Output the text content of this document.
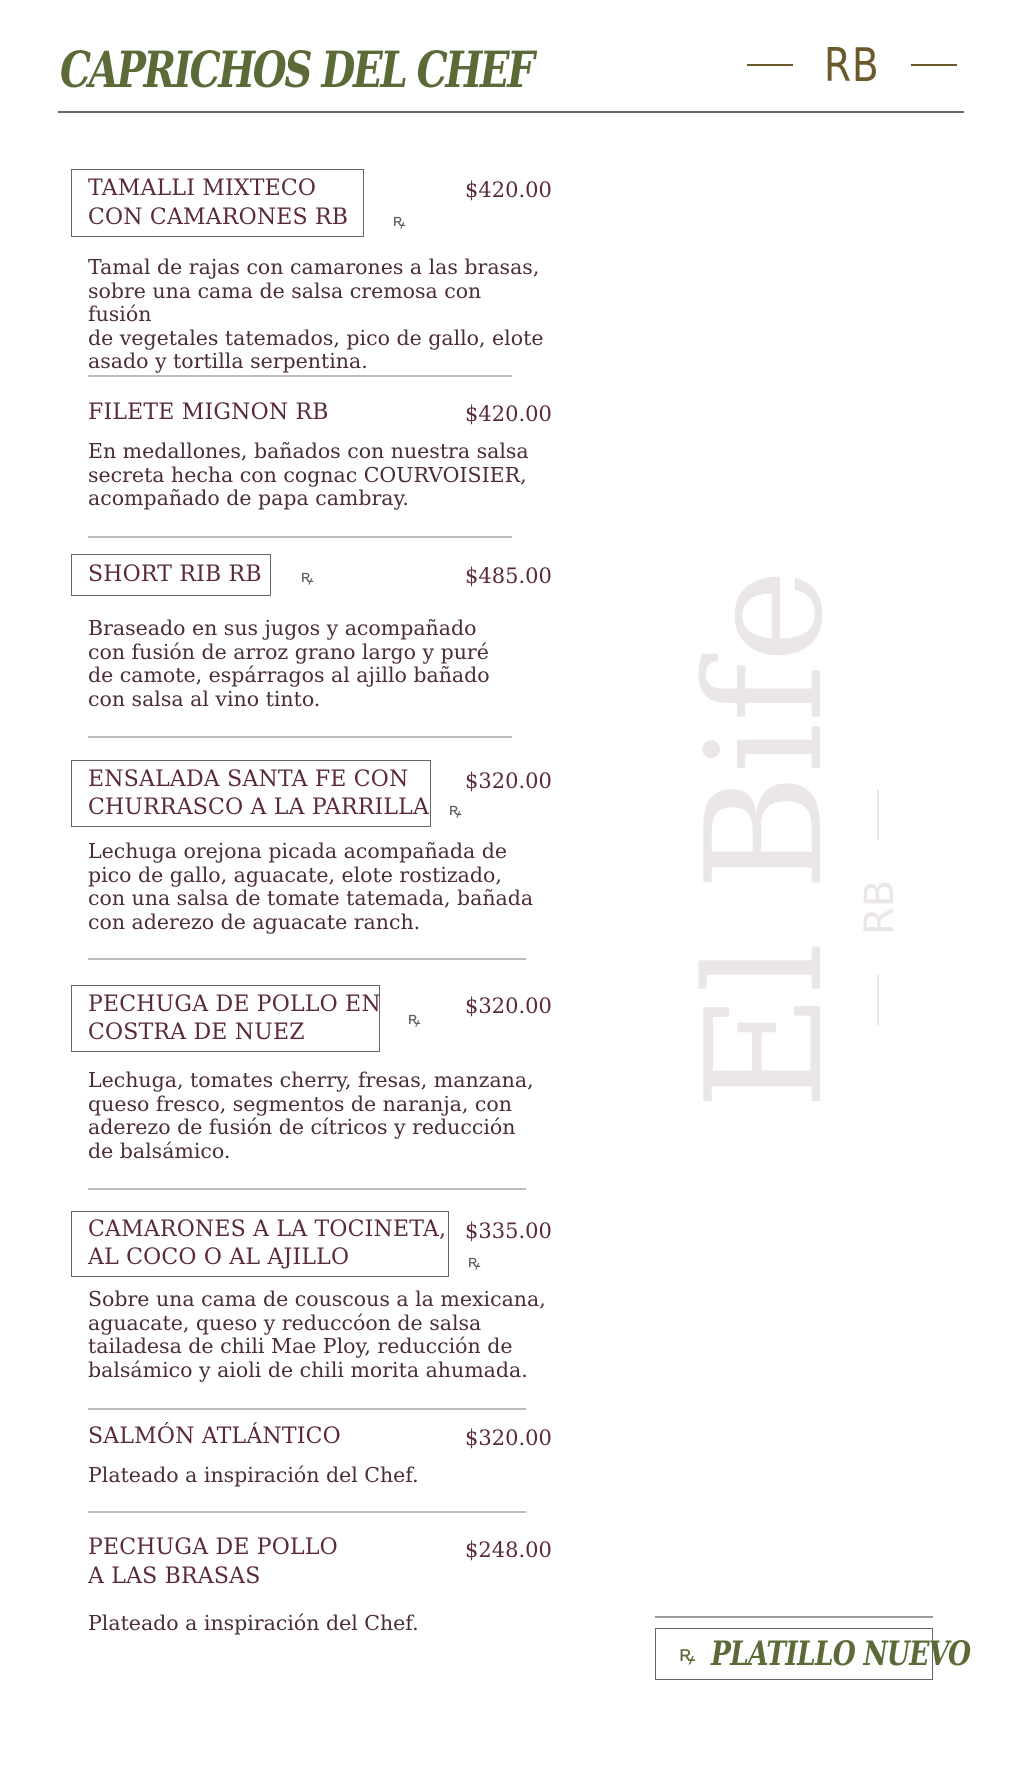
CAPRICHOS DEL CHEF	RB
TAMALLI MIXTECO
CON CAMARONES RB
$420.00
ꝶ
Tamal de rajas con camarones a las brasas,
sobre una cama de salsa cremosa con fusión
de vegetales tatemados, pico de gallo, elote
asado y tortilla serpentina.
FILETE MIGNON RB	$420.00
En medallones, bañados con nuestra salsa
secreta hecha con cognac COURVOISIER,
acompañado de papa cambray.
SHORT RIB RB	$485.00
ꝶ
Braseado en sus jugos y acompañado
con fusión de arroz grano largo y puré
de camote, espárragos al ajillo bañado
con salsa al vino tinto.
ENSALADA SANTA FE CON
CHURRASCO A LA PARRILLA
$320.00
ꝶ
Lechuga orejona picada acompañada de
pico de gallo, aguacate, elote rostizado,
con una salsa de tomate tatemada, bañada
con aderezo de aguacate ranch.
PECHUGA DE POLLO EN
COSTRA DE NUEZ
$320.00
ꝶ
Lechuga, tomates cherry, fresas, manzana,
queso fresco, segmentos de naranja, con
aderezo de fusión de cítricos y reducción
de balsámico.
CAMARONES A LA TOCINETA,
AL COCO O AL AJILLO
$335.00
ꝶ
Sobre una cama de couscous a la mexicana,
aguacate, queso y reduccóon de salsa
tailadesa de chili Mae Ploy, reducción de
balsámico y aioli de chili morita ahumada.
SALMÓN ATLÁNTICO	$320.00
Plateado a inspiración del Chef.
PECHUGA DE POLLO
A LAS BRASAS
$248.00
Plateado a inspiración del Chef.
El Bife RB
ꝶ PLATILLO NUEVO
